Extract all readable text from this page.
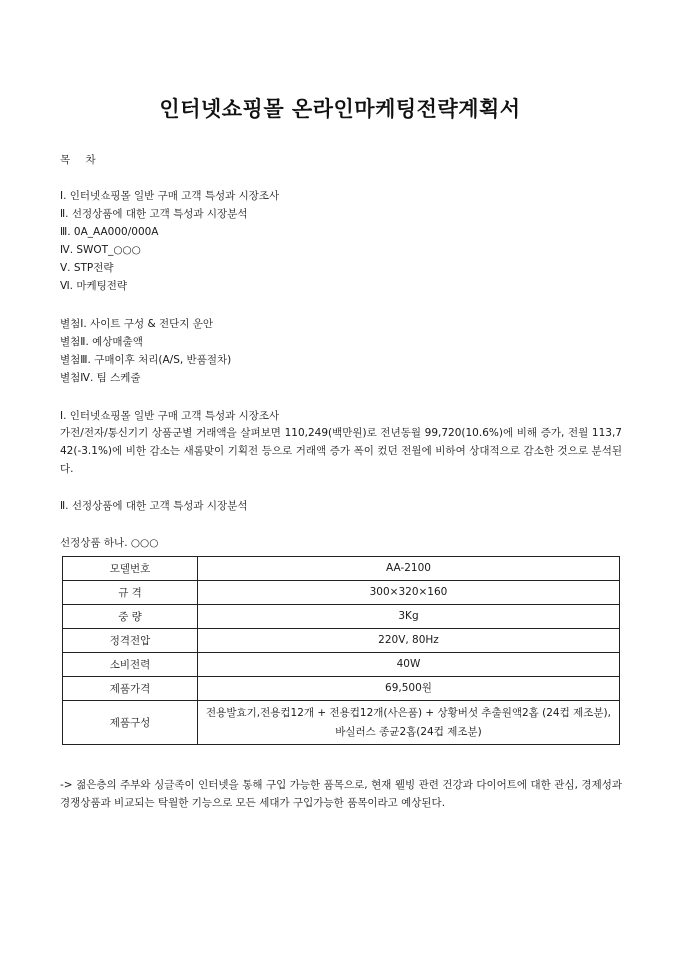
인터넷쇼핑몰 온라인마케팅전략계획서
목 차
Ⅰ. 인터넷쇼핑몰 일반 구매 고객 특성과 시장조사
Ⅱ. 선정상품에 대한 고객 특성과 시장분석
Ⅲ. 0A_AA000/000A
Ⅳ. SWOT_○○○
Ⅴ. STP전략
Ⅵ. 마케팅전략
별첨Ⅰ. 사이트 구성 & 전단지 운안
별첨Ⅱ. 예상매출액
별첨Ⅲ. 구매이후 처리(A/S, 반품절차)
별첨Ⅳ. 팀 스케줄
Ⅰ. 인터넷쇼핑몰 일반 구매 고객 특성과 시장조사
가전/전자/통신기기 상품군별 거래액을 살펴보면 110,249(백만원)로 전년동월 99,720(10.6%)에 비해 증가, 전월 113,742(-3.1%)에 비한 감소는 새롬맞이 기획전 등으로 거래액 증가 폭이 컸던 전월에 비하여 상대적으로 감소한 것으로 분석된다.
Ⅱ. 선정상품에 대한 고객 특성과 시장분석
선정상품 하나. ○○○
모델번호	AA-2100
규 격	300×320×160
중 량	3Kg
정격전압	220V, 80Hz
소비전력	40W
제품가격	69,500원
제품구성	전용발효기,전용컵12개 + 전용컵12개(사은품) + 상황버섯 추출원액2홉 (24컵 제조분),바실러스 종균2홉(24컵 제조분)
-> 젊은층의 주부와 싱글족이 인터넷을 통해 구입 가능한 품목으로, 현재 웰빙 관련 건강과 다이어트에 대한 관심, 경제성과 경쟁상품과 비교되는 탁월한 기능으로 모든 세대가 구입가능한 품목이라고 예상된다.
